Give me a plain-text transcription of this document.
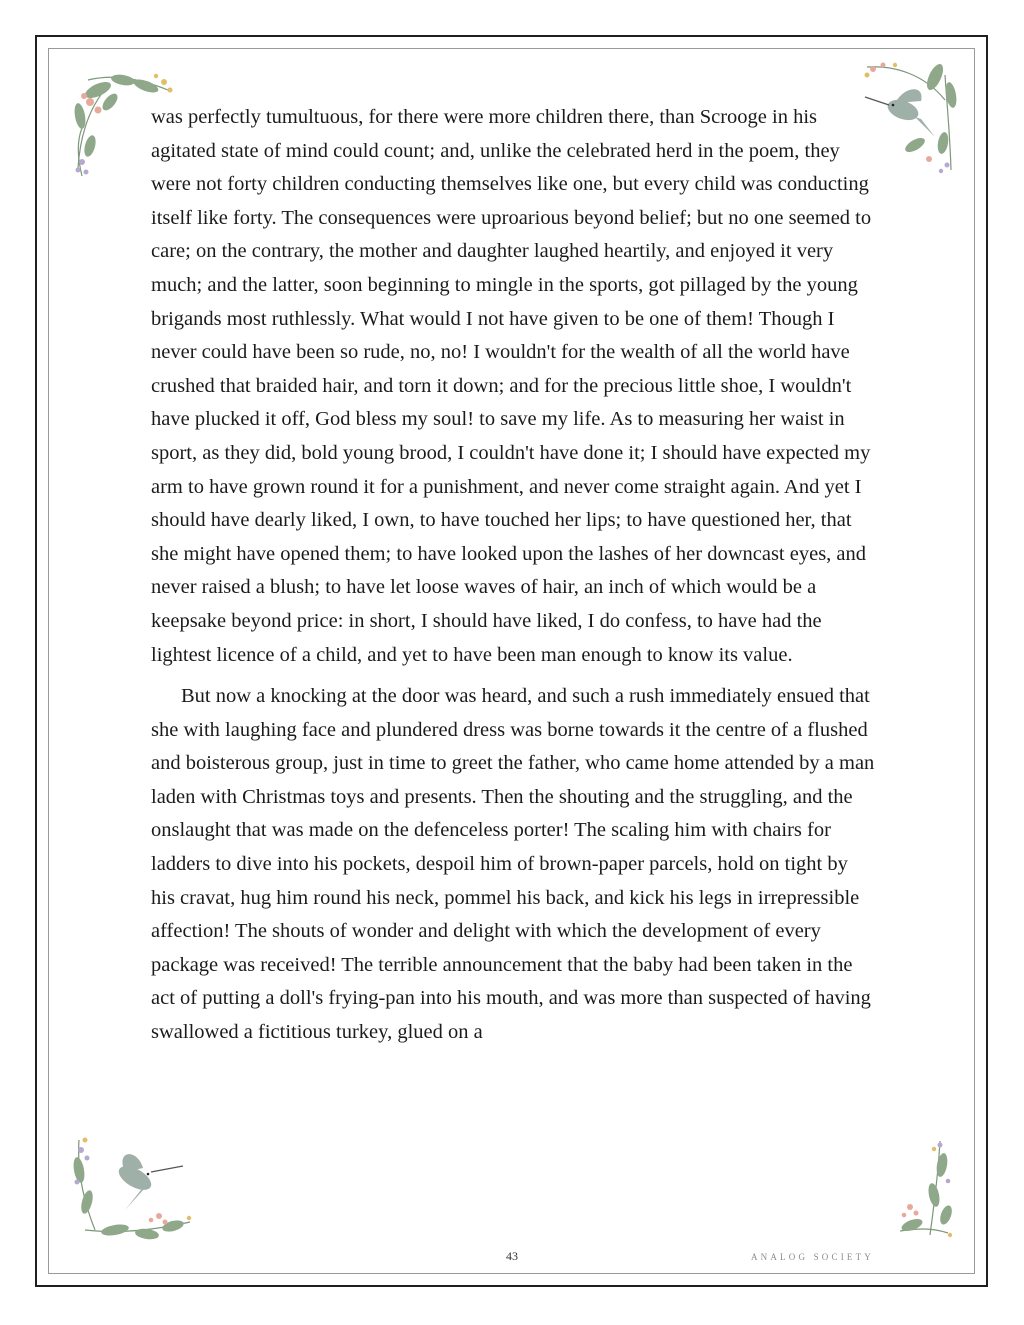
was perfectly tumultuous, for there were more children there, than Scrooge in his agitated state of mind could count; and, unlike the celebrated herd in the poem, they were not forty children conducting themselves like one, but every child was conducting itself like forty. The consequences were uproarious beyond belief; but no one seemed to care; on the contrary, the mother and daughter laughed heartily, and enjoyed it very much; and the latter, soon beginning to mingle in the sports, got pillaged by the young brigands most ruthlessly. What would I not have given to be one of them! Though I never could have been so rude, no, no! I wouldn't for the wealth of all the world have crushed that braided hair, and torn it down; and for the precious little shoe, I wouldn't have plucked it off, God bless my soul! to save my life. As to measuring her waist in sport, as they did, bold young brood, I couldn't have done it; I should have expected my arm to have grown round it for a punishment, and never come straight again. And yet I should have dearly liked, I own, to have touched her lips; to have questioned her, that she might have opened them; to have looked upon the lashes of her downcast eyes, and never raised a blush; to have let loose waves of hair, an inch of which would be a keepsake beyond price: in short, I should have liked, I do confess, to have had the lightest licence of a child, and yet to have been man enough to know its value.

But now a knocking at the door was heard, and such a rush immediately ensued that she with laughing face and plundered dress was borne towards it the centre of a flushed and boisterous group, just in time to greet the father, who came home attended by a man laden with Christmas toys and presents. Then the shouting and the struggling, and the onslaught that was made on the defenceless porter! The scaling him with chairs for ladders to dive into his pockets, despoil him of brown-paper parcels, hold on tight by his cravat, hug him round his neck, pommel his back, and kick his legs in irrepressible affection! The shouts of wonder and delight with which the development of every package was received! The terrible announcement that the baby had been taken in the act of putting a doll's frying-pan into his mouth, and was more than suspected of having swallowed a fictitious turkey, glued on a

43	ANALOG SOCIETY
